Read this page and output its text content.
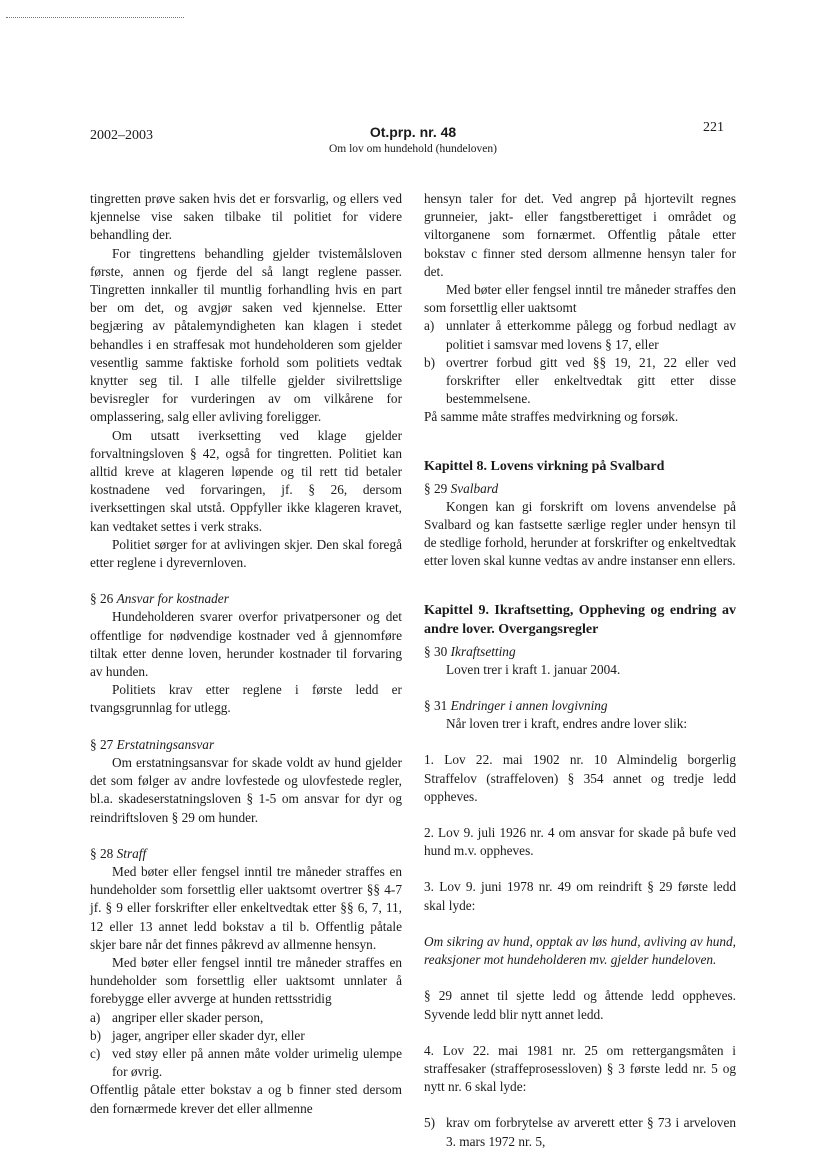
2002–2003	Ot.prp. nr. 48
Om lov om hundehold (hundeloven)
221

tingretten prøve saken hvis det er forsvarlig, og ellers ved kjennelse vise saken tilbake til politiet for videre behandling der.

For tingrettens behandling gjelder tvistemålsloven første, annen og fjerde del så langt reglene passer. Tingretten innkaller til muntlig forhandling hvis en part ber om det, og avgjør saken ved kjennelse. Etter begjæring av påtalemyndigheten kan klagen i stedet behandles i en straffesak mot hundeholderen som gjelder vesentlig samme faktiske forhold som politiets vedtak knytter seg til. I alle tilfelle gjelder sivilrettslige bevisregler for vurderingen av om vilkårene for omplassering, salg eller avliving foreligger.

Om utsatt iverksetting ved klage gjelder forvaltningsloven § 42, også for tingretten. Politiet kan alltid kreve at klageren løpende og til rett tid betaler kostnadene ved forvaringen, jf. § 26, dersom iverksettingen skal utstå. Oppfyller ikke klageren kravet, kan vedtaket settes i verk straks.

Politiet sørger for at avlivingen skjer. Den skal foregå etter reglene i dyrevernloven.

§ 26 Ansvar for kostnader

Hundeholderen svarer overfor privatpersoner og det offentlige for nødvendige kostnader ved å gjennomføre tiltak etter denne loven, herunder kostnader til forvaring av hunden.

Politiets krav etter reglene i første ledd er tvangsgrunnlag for utlegg.

§ 27 Erstatningsansvar

Om erstatningsansvar for skade voldt av hund gjelder det som følger av andre lovfestede og ulovfestede regler, bl.a. skadeserstatningsloven § 1-5 om ansvar for dyr og reindriftsloven § 29 om hunder.

§ 28 Straff

Med bøter eller fengsel inntil tre måneder straffes en hundeholder som forsettlig eller uaktsomt overtrer §§ 4-7 jf. § 9 eller forskrifter eller enkeltvedtak etter §§ 6, 7, 11, 12 eller 13 annet ledd bokstav a til b. Offentlig påtale skjer bare når det finnes påkrevd av allmenne hensyn.

Med bøter eller fengsel inntil tre måneder straffes en hundeholder som forsettlig eller uaktsomt unnlater å forebygge eller avverge at hunden rettsstridig

a) angriper eller skader person,

b) jager, angriper eller skader dyr, eller

c) ved støy eller på annen måte volder urimelig ulempe for øvrig.

Offentlig påtale etter bokstav a og b finner sted dersom den fornærmede krever det eller allmenne

hensyn taler for det. Ved angrep på hjortevilt regnes grunneier, jakt- eller fangstberettiget i området og viltorganene som fornærmet. Offentlig påtale etter bokstav c finner sted dersom allmenne hensyn taler for det.

Med bøter eller fengsel inntil tre måneder straffes den som forsettlig eller uaktsomt

a) unnlater å etterkomme pålegg og forbud nedlagt av politiet i samsvar med lovens § 17, eller

b) overtrer forbud gitt ved §§ 19, 21, 22 eller ved forskrifter eller enkeltvedtak gitt etter disse bestemmelsene.

På samme måte straffes medvirkning og forsøk.

Kapittel 8. Lovens virkning på Svalbard

§ 29 Svalbard

Kongen kan gi forskrift om lovens anvendelse på Svalbard og kan fastsette særlige regler under hensyn til de stedlige forhold, herunder at forskrifter og enkeltvedtak etter loven skal kunne vedtas av andre instanser enn ellers.

Kapittel 9. Ikraftsetting, Oppheving og endring av andre lover. Overgangsregler

§ 30 Ikraftsetting

Loven trer i kraft 1. januar 2004.

§ 31 Endringer i annen lovgivning

Når loven trer i kraft, endres andre lover slik:

1. Lov 22. mai 1902 nr. 10 Almindelig borgerlig Straffelov (straffeloven) § 354 annet og tredje ledd oppheves.

2. Lov 9. juli 1926 nr. 4 om ansvar for skade på bufe ved hund m.v. oppheves.

3. Lov 9. juni 1978 nr. 49 om reindrift § 29 første ledd skal lyde:

Om sikring av hund, opptak av løs hund, avliving av hund, reaksjoner mot hundeholderen mv. gjelder hundeloven.

§ 29 annet til sjette ledd og åttende ledd oppheves. Syvende ledd blir nytt annet ledd.

4. Lov 22. mai 1981 nr. 25 om rettergangsmåten i straffesaker (straffeprosessloven) § 3 første ledd nr. 5 og nytt nr. 6 skal lyde:

5) krav om forbrytelse av arverett etter § 73 i arveloven 3. mars 1972 nr. 5,
